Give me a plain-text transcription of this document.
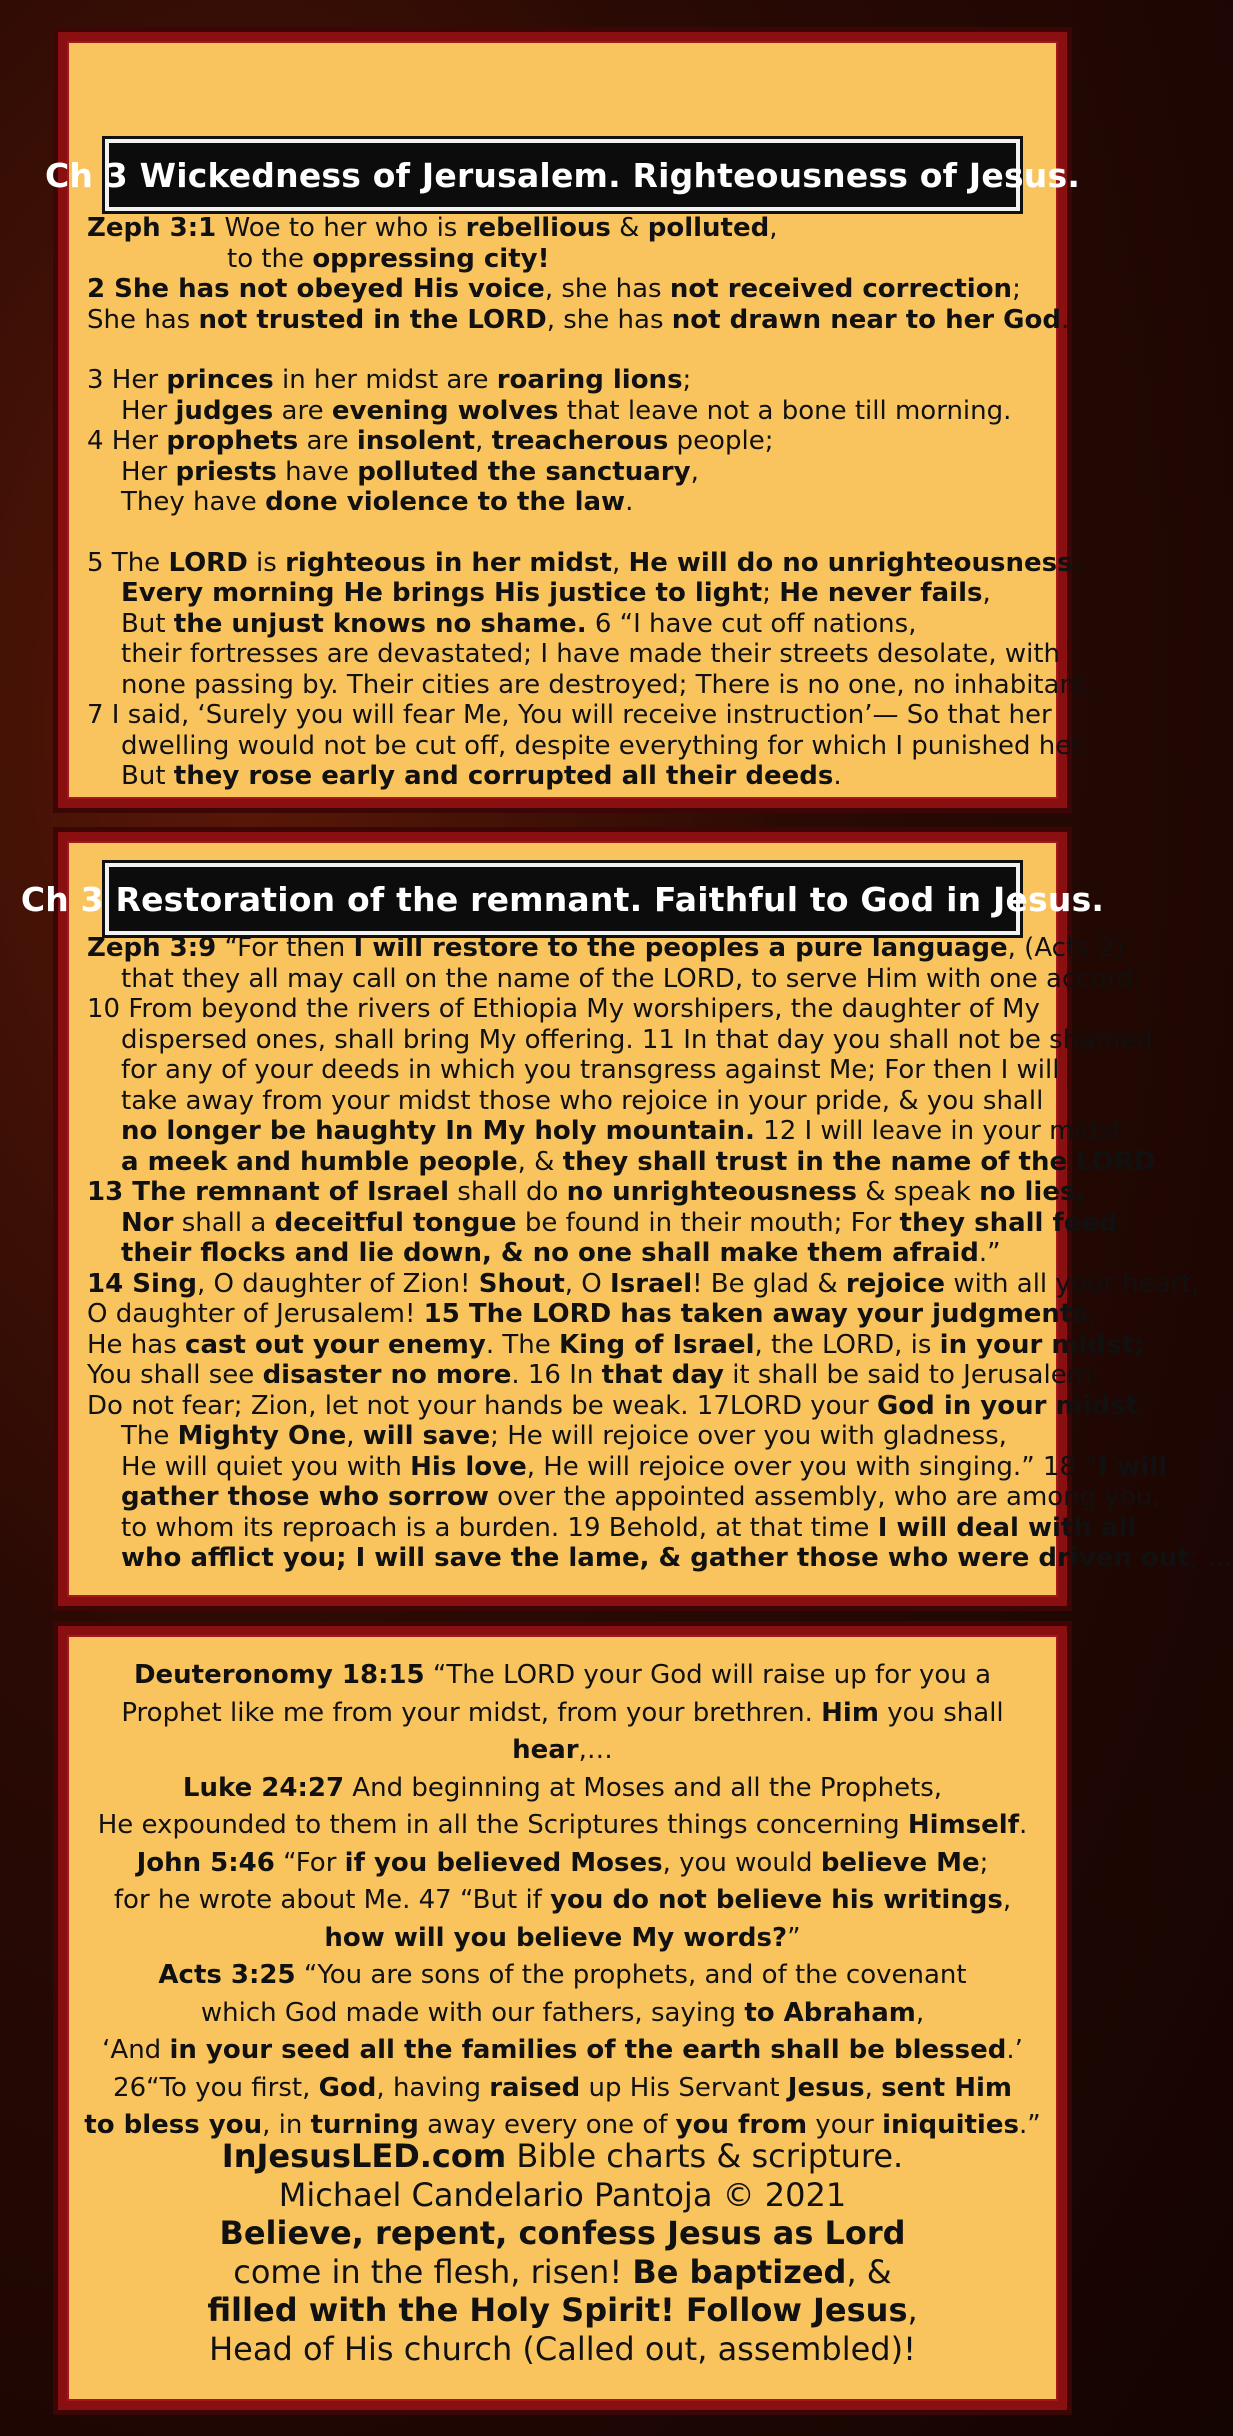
Ch 3 Wickedness of Jerusalem. Righteousness of Jesus.

Zeph 3:1 Woe to her who is rebellious & polluted,

to the oppressing city!

2 She has not obeyed His voice, she has not received correction;

She has not trusted in the LORD, she has not drawn near to her God.

3 Her princes in her midst are roaring lions;

Her judges are evening wolves that leave not a bone till morning.

4 Her prophets are insolent, treacherous people;

Her priests have polluted the sanctuary,

They have done violence to the law.

5 The LORD is righteous in her midst, He will do no unrighteousness.

Every morning He brings His justice to light; He never fails,

But the unjust knows no shame. 6 “I have cut off nations,

their fortresses are devastated; I have made their streets desolate, with

none passing by. Their cities are destroyed; There is no one, no inhabitant.

7 I said, ‘Surely you will fear Me, You will receive instruction’— So that her

dwelling would not be cut off, despite everything for which I punished her.

But they rose early and corrupted all their deeds.

Ch 3 Restoration of the remnant. Faithful to God in Jesus.

Zeph 3:9 “For then I will restore to the peoples a pure language, (Acts 2)

that they all may call on the name of the LORD, to serve Him with one accord.

10 From beyond the rivers of Ethiopia My worshipers, the daughter of My

dispersed ones, shall bring My offering. 11 In that day you shall not be shamed

for any of your deeds in which you transgress against Me; For then I will

take away from your midst those who rejoice in your pride, & you shall

no longer be haughty In My holy mountain. 12 I will leave in your midst

a meek and humble people, & they shall trust in the name of the LORD.

13 The remnant of Israel shall do no unrighteousness & speak no lies,

Nor shall a deceitful tongue be found in their mouth; For they shall feed

their flocks and lie down, & no one shall make them afraid.”

14 Sing, O daughter of Zion! Shout, O Israel! Be glad & rejoice with all your heart,

O daughter of Jerusalem! 15 The LORD has taken away your judgments,

He has cast out your enemy. The King of Israel, the LORD, is in your midst;

You shall see disaster no more. 16 In that day it shall be said to Jerusalem:

Do not fear; Zion, let not your hands be weak. 17LORD your God in your midst,

The Mighty One, will save; He will rejoice over you with gladness,

He will quiet you with His love, He will rejoice over you with singing.” 18 “I will

gather those who sorrow over the appointed assembly, who are among you,

to whom its reproach is a burden. 19 Behold, at that time I will deal with all

who afflict you; I will save the lame, & gather those who were driven out; …

Deuteronomy 18:15 “The LORD your God will raise up for you a

Prophet like me from your midst, from your brethren. Him you shall hear,…

Luke 24:27 And beginning at Moses and all the Prophets,

He expounded to them in all the Scriptures things concerning Himself.

John 5:46 “For if you believed Moses, you would believe Me;

for he wrote about Me. 47 “But if you do not believe his writings,

how will you believe My words?”

Acts 3:25 “You are sons of the prophets, and of the covenant

which God made with our fathers, saying to Abraham,

‘And in your seed all the families of the earth shall be blessed.’

26“To you first, God, having raised up His Servant Jesus, sent Him

to bless you, in turning away every one of you from your iniquities.”

InJesusLED.com Bible charts & scripture.

Michael Candelario Pantoja © 2021

Believe, repent, confess Jesus as Lord

come in the flesh, risen! Be baptized, &

filled with the Holy Spirit! Follow Jesus,

Head of His church (Called out, assembled)!
